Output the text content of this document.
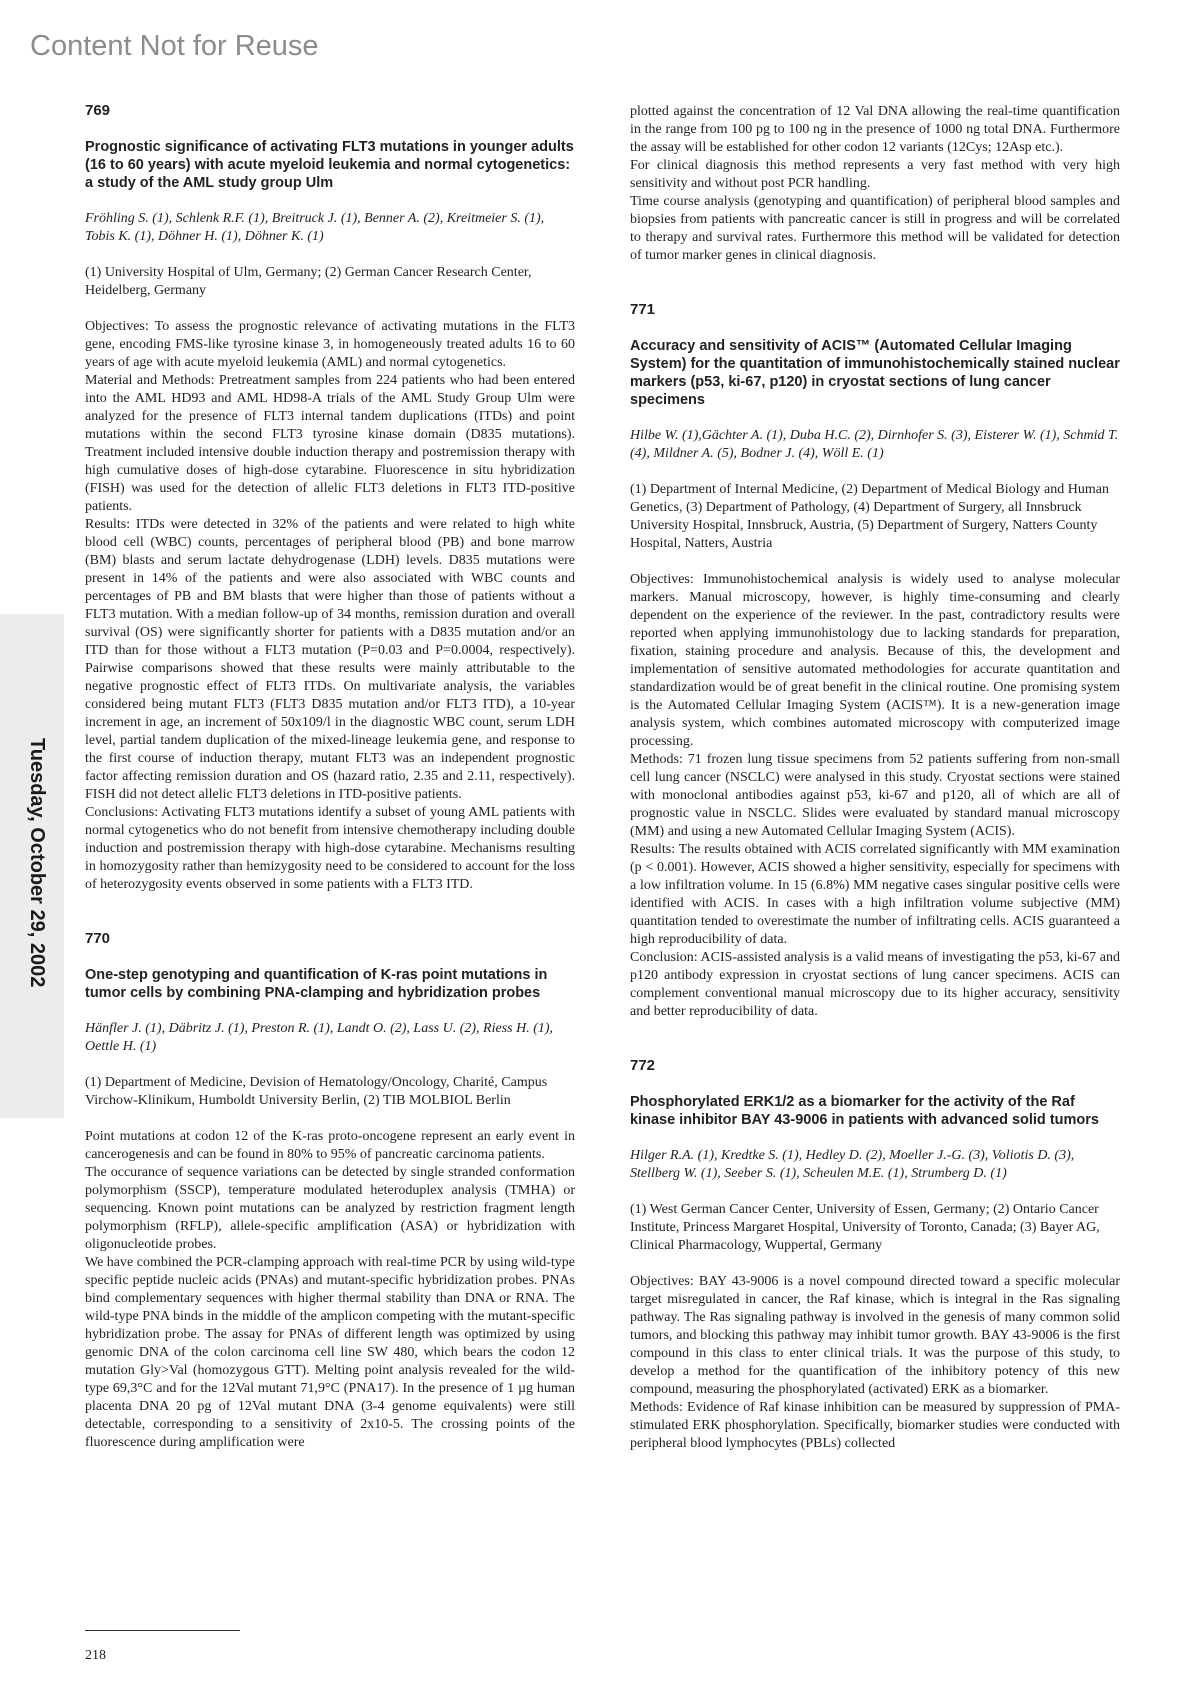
Content Not for Reuse
Tuesday, October 29, 2002
769
Prognostic significance of activating FLT3 mutations in younger adults (16 to 60 years) with acute myeloid leukemia and normal cytogenetics: a study of the AML study group Ulm
Fröhling S. (1), Schlenk R.F. (1), Breitruck J. (1), Benner A. (2), Kreitmeier S. (1), Tobis K. (1), Döhner H. (1), Döhner K. (1)
(1) University Hospital of Ulm, Germany; (2) German Cancer Research Center, Heidelberg, Germany

Objectives: To assess the prognostic relevance of activating mutations in the FLT3 gene, encoding FMS-like tyrosine kinase 3, in homogeneously treated adults 16 to 60 years of age with acute myeloid leukemia (AML) and normal cytogenetics.

Material and Methods: Pretreatment samples from 224 patients who had been entered into the AML HD93 and AML HD98-A trials of the AML Study Group Ulm were analyzed for the presence of FLT3 internal tandem duplications (ITDs) and point mutations within the second FLT3 tyrosine kinase domain (D835 mutations). Treatment included intensive double induction therapy and postremission therapy with high cumulative doses of high-dose cytarabine. Fluorescence in situ hybridization (FISH) was used for the detection of allelic FLT3 deletions in FLT3 ITD-positive patients.

Results: ITDs were detected in 32% of the patients and were related to high white blood cell (WBC) counts, percentages of peripheral blood (PB) and bone marrow (BM) blasts and serum lactate dehydrogenase (LDH) levels. D835 mutations were present in 14% of the patients and were also associated with WBC counts and percentages of PB and BM blasts that were higher than those of patients without a FLT3 mutation. With a median follow-up of 34 months, remission duration and overall survival (OS) were significantly shorter for patients with a D835 mutation and/or an ITD than for those without a FLT3 mutation (P=0.03 and P=0.0004, respectively). Pairwise comparisons showed that these results were mainly attributable to the negative prognostic effect of FLT3 ITDs. On multivariate analysis, the variables considered being mutant FLT3 (FLT3 D835 mutation and/or FLT3 ITD), a 10-year increment in age, an increment of 50x109/l in the diagnostic WBC count, serum LDH level, partial tandem duplication of the mixed-lineage leukemia gene, and response to the first course of induction therapy, mutant FLT3 was an independent prognostic factor affecting remission duration and OS (hazard ratio, 2.35 and 2.11, respectively). FISH did not detect allelic FLT3 deletions in ITD-positive patients.

Conclusions: Activating FLT3 mutations identify a subset of young AML patients with normal cytogenetics who do not benefit from intensive chemotherapy including double induction and postremission therapy with high-dose cytarabine. Mechanisms resulting in homozygosity rather than hemizygosity need to be considered to account for the loss of heterozygosity events observed in some patients with a FLT3 ITD.

770
One-step genotyping and quantification of K-ras point mutations in tumor cells by combining PNA-clamping and hybridization probes
Hänfler J. (1), Däbritz J. (1), Preston R. (1), Landt O. (2), Lass U. (2), Riess H. (1), Oettle H. (1)
(1) Department of Medicine, Devision of Hematology/Oncology, Charité, Campus Virchow-Klinikum, Humboldt University Berlin, (2) TIB MOLBIOL Berlin

Point mutations at codon 12 of the K-ras proto-oncogene represent an early event in cancerogenesis and can be found in 80% to 95% of pancreatic carcinoma patients.

The occurance of sequence variations can be detected by single stranded conformation polymorphism (SSCP), temperature modulated heteroduplex analysis (TMHA) or sequencing. Known point mutations can be analyzed by restriction fragment length polymorphism (RFLP), allele-specific amplification (ASA) or hybridization with oligonucleotide probes.

We have combined the PCR-clamping approach with real-time PCR by using wild-type specific peptide nucleic acids (PNAs) and mutant-specific hybridization probes. PNAs bind complementary sequences with higher thermal stability than DNA or RNA. The wild-type PNA binds in the middle of the amplicon competing with the mutant-specific hybridization probe. The assay for PNAs of different length was optimized by using genomic DNA of the colon carcinoma cell line SW 480, which bears the codon 12 mutation Gly>Val (homozygous GTT). Melting point analysis revealed for the wild-type 69,3°C and for the 12Val mutant 71,9°C (PNA17). In the presence of 1 µg human placenta DNA 20 pg of 12Val mutant DNA (3-4 genome equivalents) were still detectable, corresponding to a sensitivity of 2x10-5. The crossing points of the fluorescence during amplification were

plotted against the concentration of 12 Val DNA allowing the real-time quantification in the range from 100 pg to 100 ng in the presence of 1000 ng total DNA. Furthermore the assay will be established for other codon 12 variants (12Cys; 12Asp etc.).

For clinical diagnosis this method represents a very fast method with very high sensitivity and without post PCR handling.

Time course analysis (genotyping and quantification) of peripheral blood samples and biopsies from patients with pancreatic cancer is still in progress and will be correlated to therapy and survival rates. Furthermore this method will be validated for detection of tumor marker genes in clinical diagnosis.

771
Accuracy and sensitivity of ACIS™ (Automated Cellular Imaging System) for the quantitation of immunohistochemically stained nuclear markers (p53, ki-67, p120) in cryostat sections of lung cancer specimens
Hilbe W. (1),Gächter A. (1), Duba H.C. (2), Dirnhofer S. (3), Eisterer W. (1), Schmid T. (4), Mildner A. (5), Bodner J. (4), Wöll E. (1)
(1) Department of Internal Medicine, (2) Department of Medical Biology and Human Genetics, (3) Department of Pathology, (4) Department of Surgery, all Innsbruck University Hospital, Innsbruck, Austria, (5) Department of Surgery, Natters County Hospital, Natters, Austria

Objectives: Immunohistochemical analysis is widely used to analyse molecular markers. Manual microscopy, however, is highly time-consuming and clearly dependent on the experience of the reviewer. In the past, contradictory results were reported when applying immunohistology due to lacking standards for preparation, fixation, staining procedure and analysis. Because of this, the development and implementation of sensitive automated methodologies for accurate quantitation and standardization would be of great benefit in the clinical routine. One promising system is the Automated Cellular Imaging System (ACIS™). It is a new-generation image analysis system, which combines automated microscopy with computerized image processing.

Methods: 71 frozen lung tissue specimens from 52 patients suffering from non-small cell lung cancer (NSCLC) were analysed in this study. Cryostat sections were stained with monoclonal antibodies against p53, ki-67 and p120, all of which are all of prognostic value in NSCLC. Slides were evaluated by standard manual microscopy (MM) and using a new Automated Cellular Imaging System (ACIS).

Results: The results obtained with ACIS correlated significantly with MM examination (p < 0.001). However, ACIS showed a higher sensitivity, especially for specimens with a low infiltration volume. In 15 (6.8%) MM negative cases singular positive cells were identified with ACIS. In cases with a high infiltration volume subjective (MM) quantitation tended to overestimate the number of infiltrating cells. ACIS guaranteed a high reproducibility of data.

Conclusion: ACIS-assisted analysis is a valid means of investigating the p53, ki-67 and p120 antibody expression in cryostat sections of lung cancer specimens. ACIS can complement conventional manual microscopy due to its higher accuracy, sensitivity and better reproducibility of data.

772
Phosphorylated ERK1/2 as a biomarker for the activity of the Raf kinase inhibitor BAY 43-9006 in patients with advanced solid tumors
Hilger R.A. (1), Kredtke S. (1), Hedley D. (2), Moeller J.-G. (3), Voliotis D. (3), Stellberg W. (1), Seeber S. (1), Scheulen M.E. (1), Strumberg D. (1)
(1) West German Cancer Center, University of Essen, Germany; (2) Ontario Cancer Institute, Princess Margaret Hospital, University of Toronto, Canada; (3) Bayer AG, Clinical Pharmacology, Wuppertal, Germany

Objectives: BAY 43-9006 is a novel compound directed toward a specific molecular target misregulated in cancer, the Raf kinase, which is integral in the Ras signaling pathway. The Ras signaling pathway is involved in the genesis of many common solid tumors, and blocking this pathway may inhibit tumor growth. BAY 43-9006 is the first compound in this class to enter clinical trials. It was the purpose of this study, to develop a method for the quantification of the inhibitory potency of this new compound, measuring the phosphorylated (activated) ERK as a biomarker.

Methods: Evidence of Raf kinase inhibition can be measured by suppression of PMA-stimulated ERK phosphorylation. Specifically, biomarker studies were conducted with peripheral blood lymphocytes (PBLs) collected

218
